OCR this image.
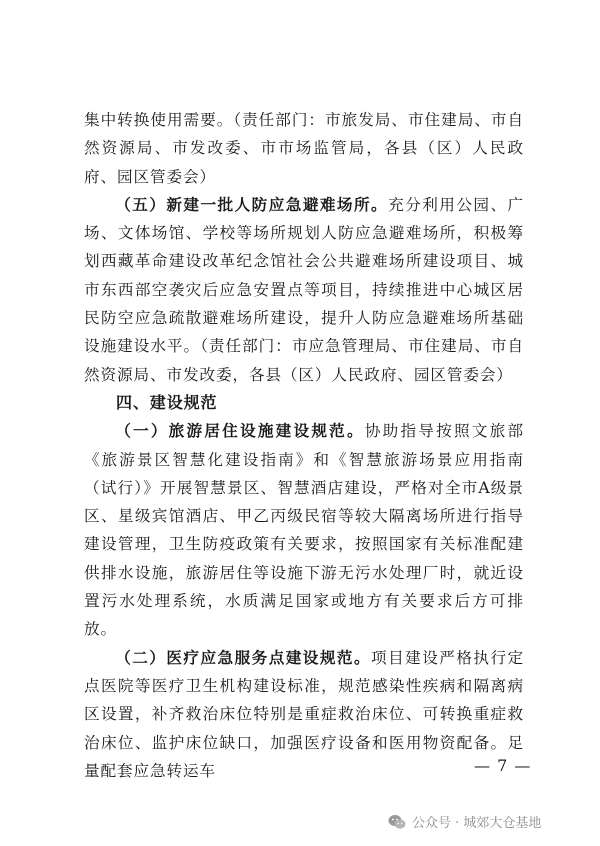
集中转换使用需要。（责任部门：市旅发局、市住建局、市自然资源局、市发改委、市市场监管局，各县（区）人民政府、园区管委会）

（五）新建一批人防应急避难场所。充分利用公园、广场、文体场馆、学校等场所规划人防应急避难场所，积极筹划西藏革命建设改革纪念馆社会公共避难场所建设项目、城市东西部空袭灾后应急安置点等项目，持续推进中心城区居民防空应急疏散避难场所建设，提升人防应急避难场所基础设施建设水平。（责任部门：市应急管理局、市住建局、市自然资源局、市发改委，各县（区）人民政府、园区管委会）

四、建设规范

（一）旅游居住设施建设规范。协助指导按照文旅部《旅游景区智慧化建设指南》和《智慧旅游场景应用指南（试行）》开展智慧景区、智慧酒店建设，严格对全市A级景区、星级宾馆酒店、甲乙丙级民宿等较大隔离场所进行指导建设管理，卫生防疫政策有关要求，按照国家有关标准配建供排水设施，旅游居住等设施下游无污水处理厂时，就近设置污水处理系统，水质满足国家或地方有关要求后方可排放。

（二）医疗应急服务点建设规范。项目建设严格执行定点医院等医疗卫生机构建设标准，规范感染性疾病和隔离病区设置，补齐救治床位特别是重症救治床位、可转换重症救治床位、监护床位缺口，加强医疗设备和医用物资配备。足量配套应急转运车	— 7 —
公众号 · 城郊大仓基地
